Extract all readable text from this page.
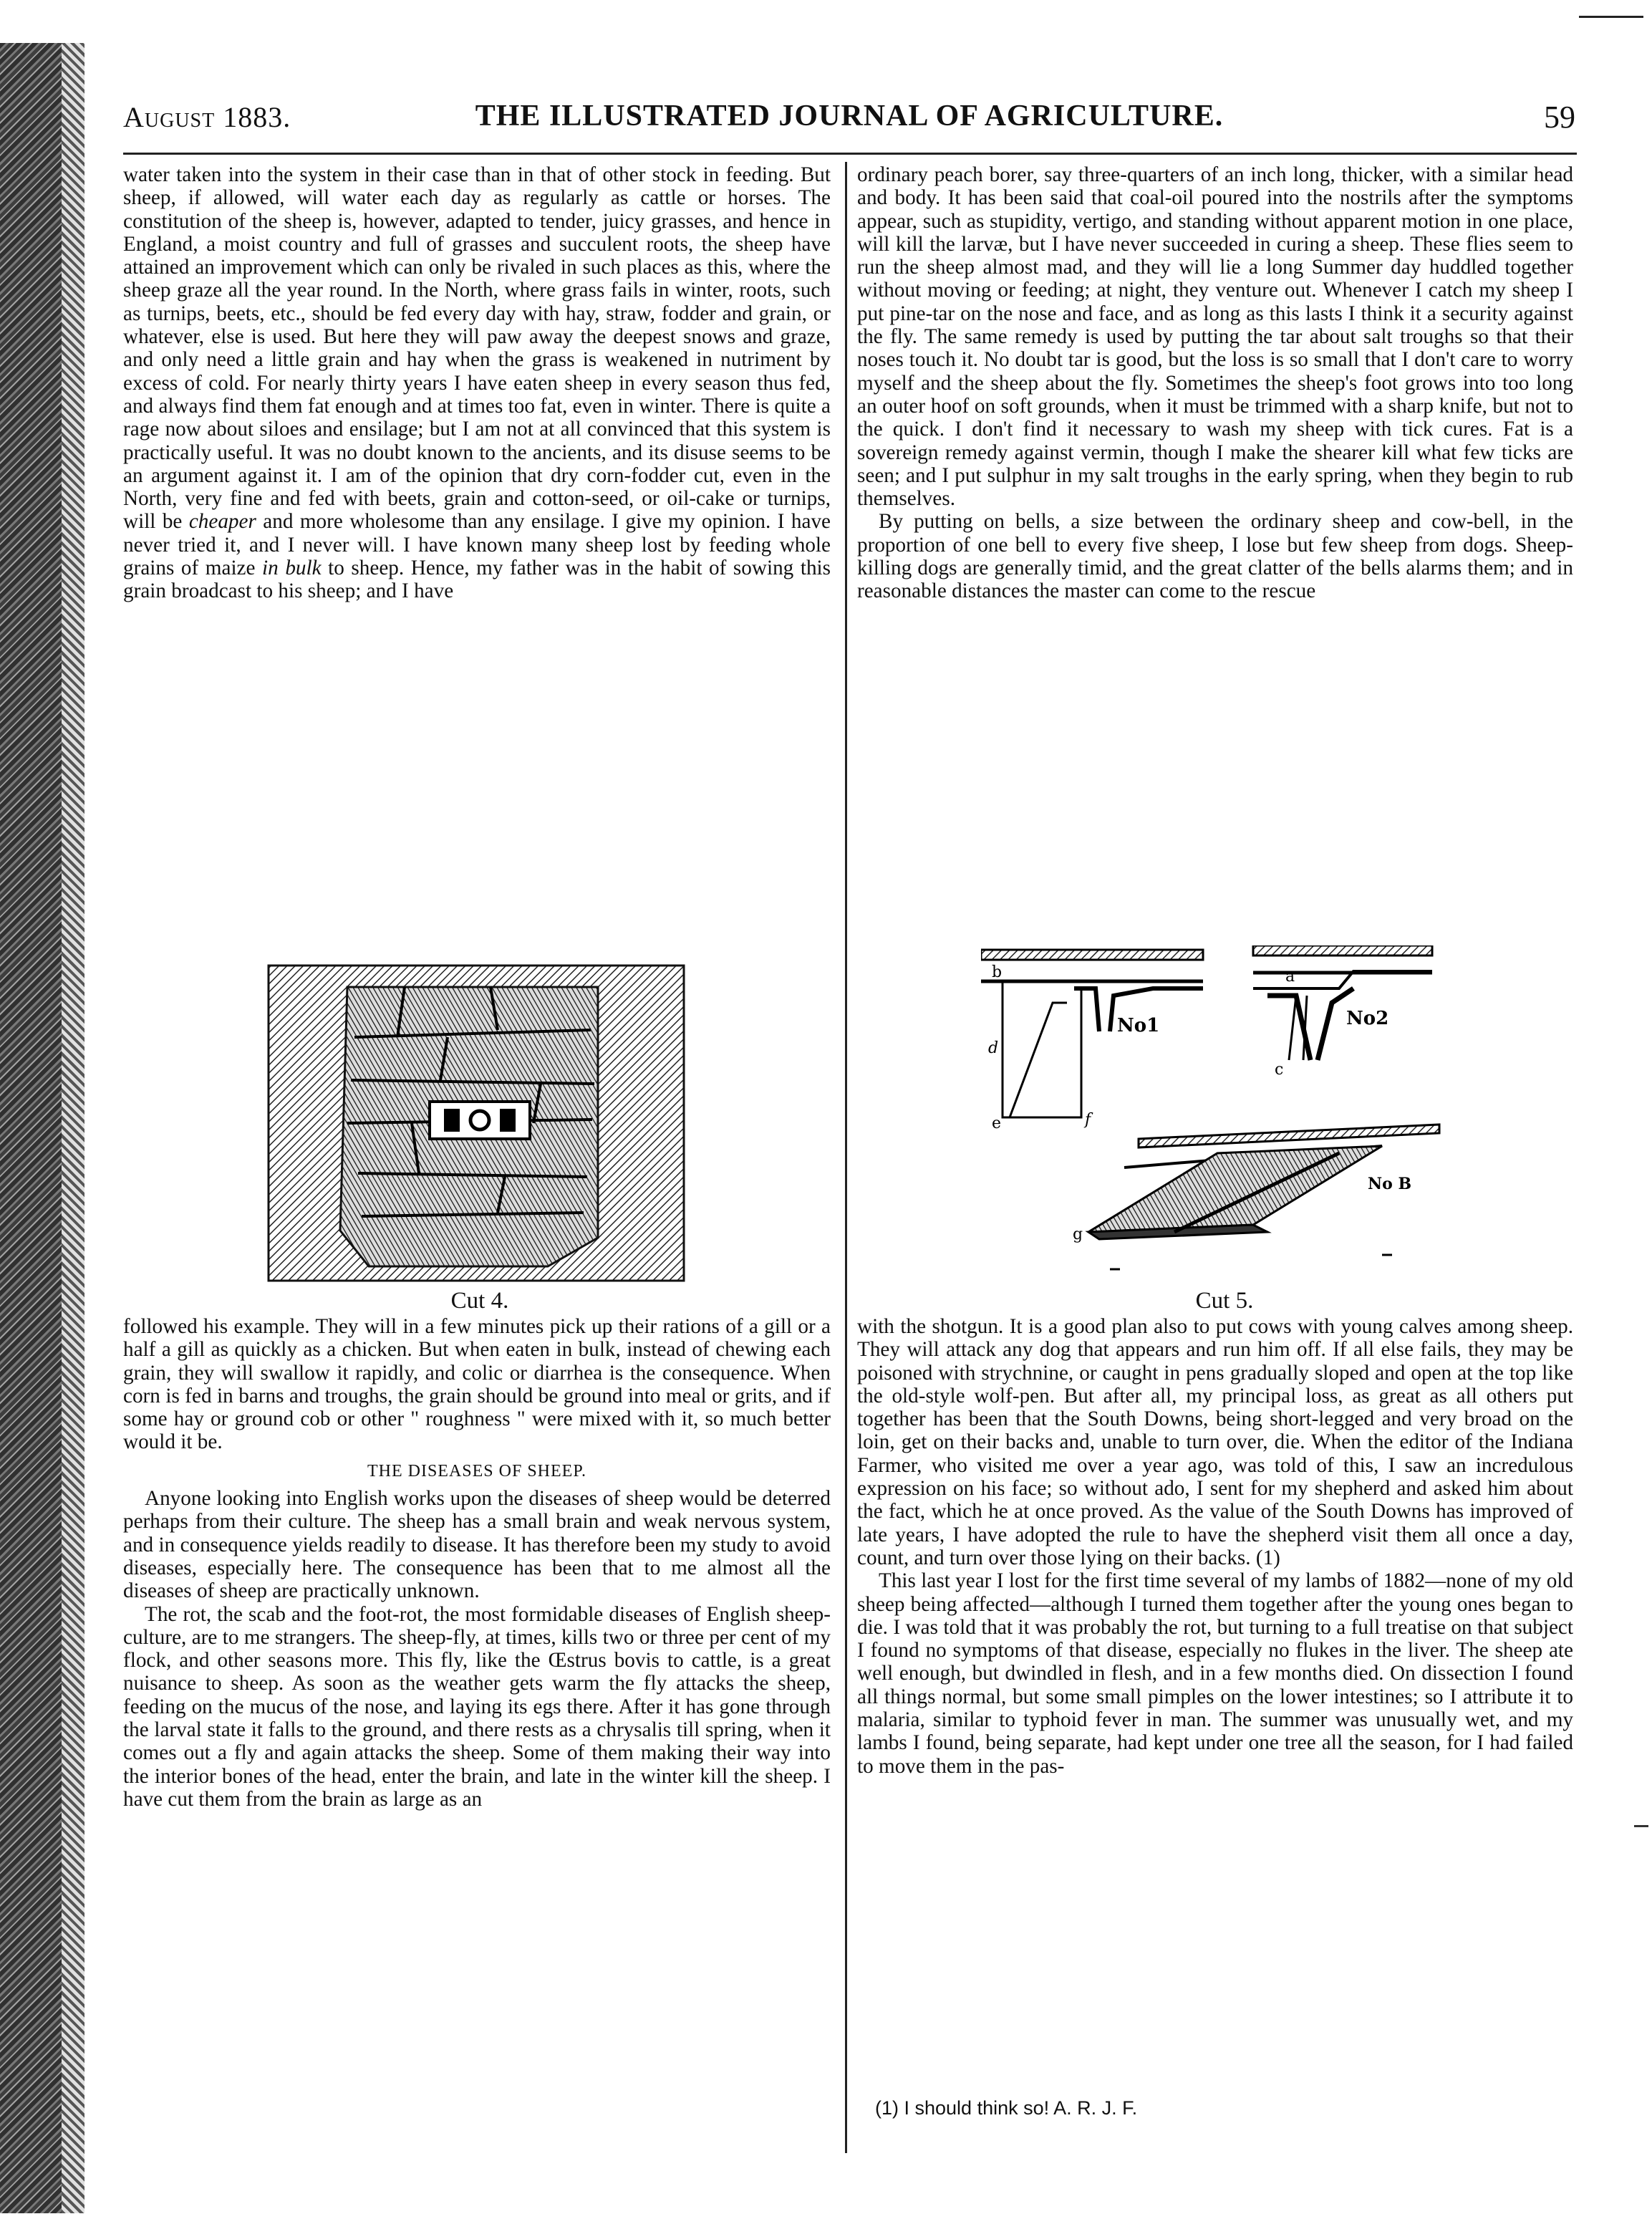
August 1883.	THE ILLUSTRATED JOURNAL OF AGRICULTURE.	59

water taken into the system in their case than in that of other stock in feeding. But sheep, if allowed, will water each day as regularly as cattle or horses. The constitution of the sheep is, however, adapted to tender, juicy grasses, and hence in England, a moist country and full of grasses and succulent roots, the sheep have attained an improvement which can only be rivaled in such places as this, where the sheep graze all the year round. In the North, where grass fails in winter, roots, such as turnips, beets, etc., should be fed every day with hay, straw, fodder and grain, or whatever, else is used. But here they will paw away the deepest snows and graze, and only need a little grain and hay when the grass is weakened in nutriment by excess of cold. For nearly thirty years I have eaten sheep in every season thus fed, and always find them fat enough and at times too fat, even in winter. There is quite a rage now about siloes and ensilage; but I am not at all convinced that this system is practically useful. It was no doubt known to the ancients, and its disuse seems to be an argument against it. I am of the opinion that dry corn-fodder cut, even in the North, very fine and fed with beets, grain and cotton-seed, or oil-cake or turnips, will be cheaper and more wholesome than any ensilage. I give my opinion. I have never tried it, and I never will. I have known many sheep lost by feeding whole grains of maize in bulk to sheep. Hence, my father was in the habit of sowing this grain broadcast to his sheep; and I have

Cut 4.

followed his example. They will in a few minutes pick up their rations of a gill or a half a gill as quickly as a chicken. But when eaten in bulk, instead of chewing each grain, they will swallow it rapidly, and colic or diarrhea is the consequence. When corn is fed in barns and troughs, the grain should be ground into meal or grits, and if some hay or ground cob or other " roughness " were mixed with it, so much better would it be.

THE DISEASES OF SHEEP.

Anyone looking into English works upon the diseases of sheep would be deterred perhaps from their culture. The sheep has a small brain and weak nervous system, and in consequence yields readily to disease. It has therefore been my study to avoid diseases, especially here. The consequence has been that to me almost all the diseases of sheep are practically unknown.

The rot, the scab and the foot-rot, the most formidable diseases of English sheep-culture, are to me strangers. The sheep-fly, at times, kills two or three per cent of my flock, and other seasons more. This fly, like the Œstrus bovis to cattle, is a great nuisance to sheep. As soon as the weather gets warm the fly attacks the sheep, feeding on the mucus of the nose, and laying its egs there. After it has gone through the larval state it falls to the ground, and there rests as a chrysalis till spring, when it comes out a fly and again attacks the sheep. Some of them making their way into the interior bones of the head, enter the brain, and late in the winter kill the sheep. I have cut them from the brain as large as an

ordinary peach borer, say three-quarters of an inch long, thicker, with a similar head and body. It has been said that coal-oil poured into the nostrils after the symptoms appear, such as stupidity, vertigo, and standing without apparent motion in one place, will kill the larvæ, but I have never succeeded in curing a sheep. These flies seem to run the sheep almost mad, and they will lie a long Summer day huddled together without moving or feeding; at night, they venture out. Whenever I catch my sheep I put pine-tar on the nose and face, and as long as this lasts I think it a security against the fly. The same remedy is used by putting the tar about salt troughs so that their noses touch it. No doubt tar is good, but the loss is so small that I don't care to worry myself and the sheep about the fly. Sometimes the sheep's foot grows into too long an outer hoof on soft grounds, when it must be trimmed with a sharp knife, but not to the quick. I don't find it necessary to wash my sheep with tick cures. Fat is a sovereign remedy against vermin, though I make the shearer kill what few ticks are seen; and I put sulphur in my salt troughs in the early spring, when they begin to rub themselves.

By putting on bells, a size between the ordinary sheep and cow-bell, in the proportion of one bell to every five sheep, I lose but few sheep from dogs. Sheep-killing dogs are generally timid, and the great clatter of the bells alarms them; and in reasonable distances the master can come to the rescue

No1
b
d
f
e
No2
a
c
No B
g
Cut 5.

with the shotgun. It is a good plan also to put cows with young calves among sheep. They will attack any dog that appears and run him off. If all else fails, they may be poisoned with strychnine, or caught in pens gradually sloped and open at the top like the old-style wolf-pen. But after all, my principal loss, as great as all others put together has been that the South Downs, being short-legged and very broad on the loin, get on their backs and, unable to turn over, die. When the editor of the Indiana Farmer, who visited me over a year ago, was told of this, I saw an incredulous expression on his face; so without ado, I sent for my shepherd and asked him about the fact, which he at once proved. As the value of the South Downs has improved of late years, I have adopted the rule to have the shepherd visit them all once a day, count, and turn over those lying on their backs. (1)

This last year I lost for the first time several of my lambs of 1882—none of my old sheep being affected—although I turned them together after the young ones began to die. I was told that it was probably the rot, but turning to a full treatise on that subject I found no symptoms of that disease, especially no flukes in the liver. The sheep ate well enough, but dwindled in flesh, and in a few months died. On dissection I found all things normal, but some small pimples on the lower intestines; so I attribute it to malaria, similar to typhoid fever in man. The summer was unusually wet, and my lambs I found, being separate, had kept under one tree all the season, for I had failed to move them in the pas-

(1) I should think so! A. R. J. F.
